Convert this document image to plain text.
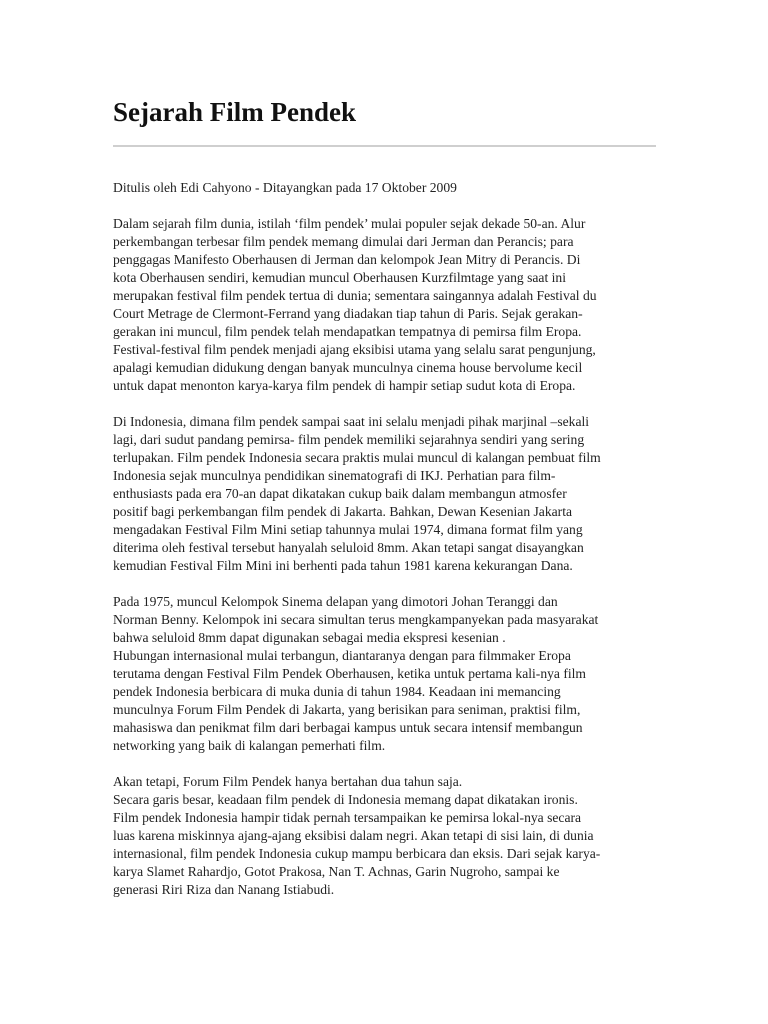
Sejarah Film Pendek
Ditulis oleh Edi Cahyono - Ditayangkan pada 17 Oktober 2009
Dalam sejarah film dunia, istilah ‘film pendek’ mulai populer sejak dekade 50-an. Alur
perkembangan terbesar film pendek memang dimulai dari Jerman dan Perancis; para
penggagas Manifesto Oberhausen di Jerman dan kelompok Jean Mitry di Perancis. Di
kota Oberhausen sendiri, kemudian muncul Oberhausen Kurzfilmtage yang saat ini
merupakan festival film pendek tertua di dunia; sementara saingannya adalah Festival du
Court Metrage de Clermont-Ferrand yang diadakan tiap tahun di Paris. Sejak gerakan-
gerakan ini muncul, film pendek telah mendapatkan tempatnya di pemirsa film Eropa.
Festival-festival film pendek menjadi ajang eksibisi utama yang selalu sarat pengunjung,
apalagi kemudian didukung dengan banyak munculnya cinema house bervolume kecil
untuk dapat menonton karya-karya film pendek di hampir setiap sudut kota di Eropa.
Di Indonesia, dimana film pendek sampai saat ini selalu menjadi pihak marjinal –sekali
lagi, dari sudut pandang pemirsa- film pendek memiliki sejarahnya sendiri yang sering
terlupakan. Film pendek Indonesia secara praktis mulai muncul di kalangan pembuat film
Indonesia sejak munculnya pendidikan sinematografi di IKJ. Perhatian para film-
enthusiasts pada era 70-an dapat dikatakan cukup baik dalam membangun atmosfer
positif bagi perkembangan film pendek di Jakarta. Bahkan, Dewan Kesenian Jakarta
mengadakan Festival Film Mini setiap tahunnya mulai 1974, dimana format film yang
diterima oleh festival tersebut hanyalah seluloid 8mm. Akan tetapi sangat disayangkan
kemudian Festival Film Mini ini berhenti pada tahun 1981 karena kekurangan Dana.
Pada 1975, muncul Kelompok Sinema delapan yang dimotori Johan Teranggi dan
Norman Benny. Kelompok ini secara simultan terus mengkampanyekan pada masyarakat
bahwa seluloid 8mm dapat digunakan sebagai media ekspresi kesenian .
Hubungan internasional mulai terbangun, diantaranya dengan para filmmaker Eropa
terutama dengan Festival Film Pendek Oberhausen, ketika untuk pertama kali-nya film
pendek Indonesia berbicara di muka dunia di tahun 1984. Keadaan ini memancing
munculnya Forum Film Pendek di Jakarta, yang berisikan para seniman, praktisi film,
mahasiswa dan penikmat film dari berbagai kampus untuk secara intensif membangun
networking yang baik di kalangan pemerhati film.
Akan tetapi, Forum Film Pendek hanya bertahan dua tahun saja.
Secara garis besar, keadaan film pendek di Indonesia memang dapat dikatakan ironis.
Film pendek Indonesia hampir tidak pernah tersampaikan ke pemirsa lokal-nya secara
luas karena miskinnya ajang-ajang eksibisi dalam negri. Akan tetapi di sisi lain, di dunia
internasional, film pendek Indonesia cukup mampu berbicara dan eksis. Dari sejak karya-
karya Slamet Rahardjo, Gotot Prakosa, Nan T. Achnas, Garin Nugroho, sampai ke
generasi Riri Riza dan Nanang Istiabudi.
